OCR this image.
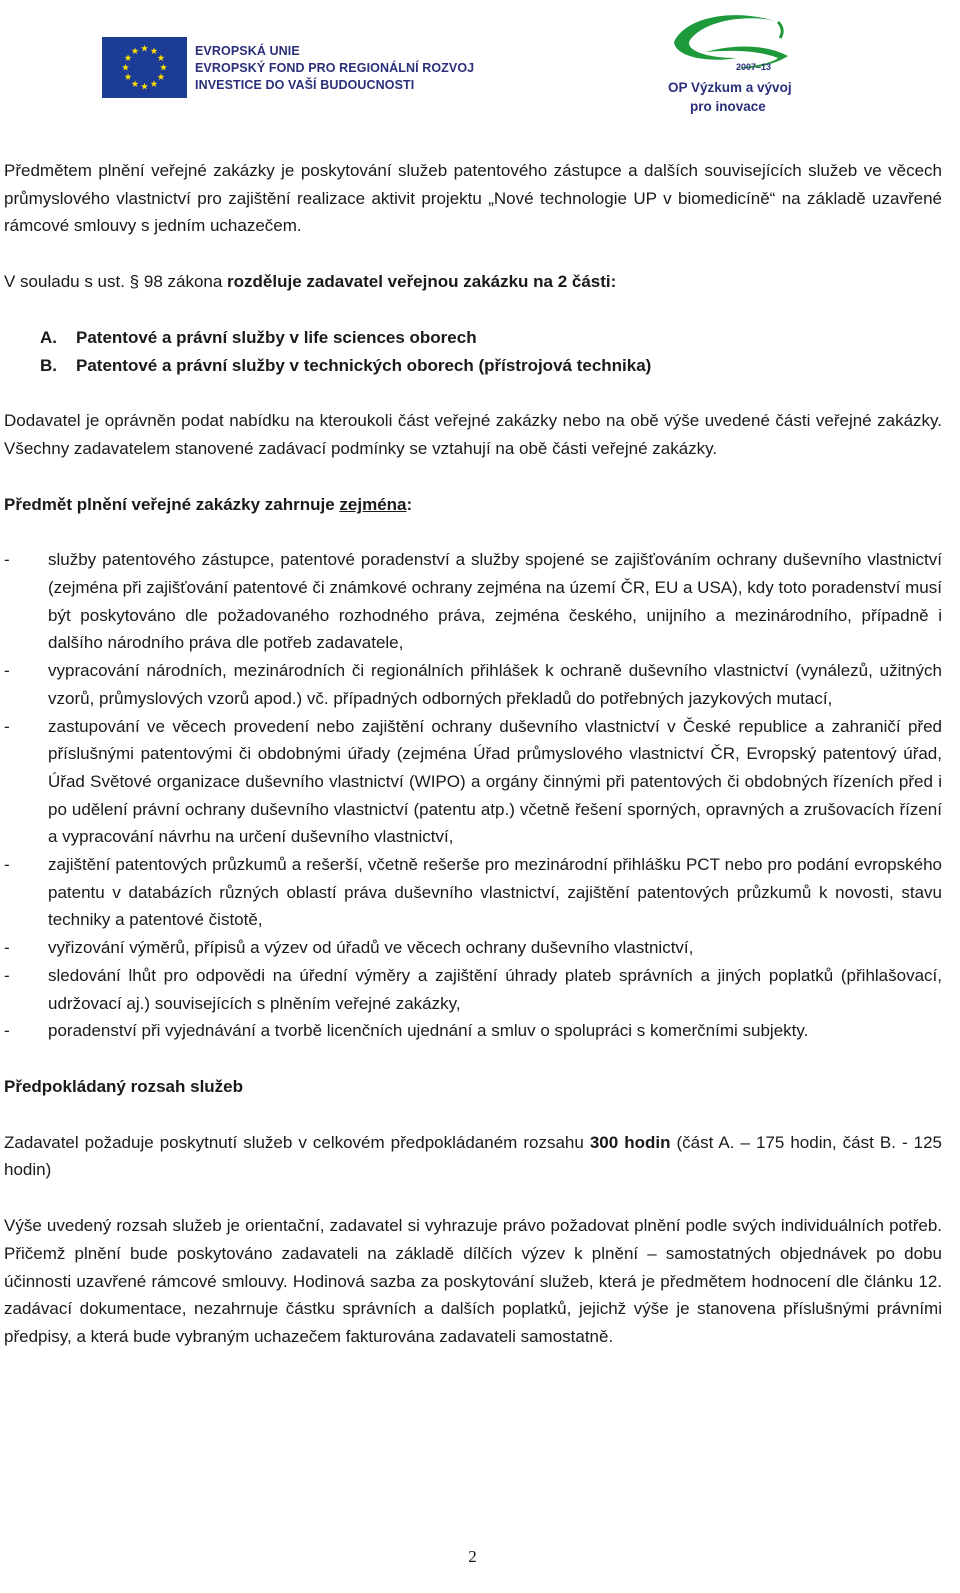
EVROPSKÁ UNIE
EVROPSKÝ FOND PRO REGIONÁLNÍ ROZVOJ
INVESTICE DO VAŠÍ BUDOUCNOSTI
2007–13
OP Výzkum a vývoj
pro inovace

Předmětem plnění veřejné zakázky je poskytování služeb patentového zástupce a dalších souvisejících služeb ve věcech průmyslového vlastnictví pro zajištění realizace aktivit projektu „Nové technologie UP v biomedicíně“ na základě uzavřené rámcové smlouvy s jedním uchazečem.

V souladu s ust. § 98 zákona rozděluje zadavatel veřejnou zakázku na 2 části:

A. Patentové a právní služby v life sciences oborech
B. Patentové a právní služby v technických oborech (přístrojová technika)

Dodavatel je oprávněn podat nabídku na kteroukoli část veřejné zakázky nebo na obě výše uvedené části veřejné zakázky. Všechny zadavatelem stanovené zadávací podmínky se vztahují na obě části veřejné zakázky.

Předmět plnění veřejné zakázky zahrnuje zejména:

- služby patentového zástupce, patentové poradenství a služby spojené se zajišťováním ochrany duševního vlastnictví (zejména při zajišťování patentové či známkové ochrany zejména na území ČR, EU a USA), kdy toto poradenství musí být poskytováno dle požadovaného rozhodného práva, zejména českého, unijního a mezinárodního, případně i dalšího národního práva dle potřeb zadavatele,
- vypracování národních, mezinárodních či regionálních přihlášek k ochraně duševního vlastnictví (vynálezů, užitných vzorů, průmyslových vzorů apod.) vč. případných odborných překladů do potřebných jazykových mutací,
- zastupování ve věcech provedení nebo zajištění ochrany duševního vlastnictví v České republice a zahraničí před příslušnými patentovými či obdobnými úřady (zejména Úřad průmyslového vlastnictví ČR, Evropský patentový úřad, Úřad Světové organizace duševního vlastnictví (WIPO) a orgány činnými při patentových či obdobných řízeních před i po udělení právní ochrany duševního vlastnictví (patentu atp.) včetně řešení sporných, opravných a zrušovacích řízení a vypracování návrhu na určení duševního vlastnictví,
- zajištění patentových průzkumů a rešerší, včetně rešerše pro mezinárodní přihlášku PCT nebo pro podání evropského patentu v databázích různých oblastí práva duševního vlastnictví, zajištění patentových průzkumů k novosti, stavu techniky a patentové čistotě,
- vyřizování výměrů, přípisů a výzev od úřadů ve věcech ochrany duševního vlastnictví,
- sledování lhůt pro odpovědi na úřední výměry a zajištění úhrady plateb správních a jiných poplatků (přihlašovací, udržovací aj.) souvisejících s plněním veřejné zakázky,
- poradenství při vyjednávání a tvorbě licenčních ujednání a smluv o spolupráci s komerčními subjekty.

Předpokládaný rozsah služeb

Zadavatel požaduje poskytnutí služeb v celkovém předpokládaném rozsahu 300 hodin (část A. – 175 hodin, část B. - 125 hodin)

Výše uvedený rozsah služeb je orientační, zadavatel si vyhrazuje právo požadovat plnění podle svých individuálních potřeb. Přičemž plnění bude poskytováno zadavateli na základě dílčích výzev k plnění – samostatných objednávek po dobu účinnosti uzavřené rámcové smlouvy. Hodinová sazba za poskytování služeb, která je předmětem hodnocení dle článku 12. zadávací dokumentace, nezahrnuje částku správních a dalších poplatků, jejichž výše je stanovena příslušnými právními předpisy, a která bude vybraným uchazečem fakturována zadavateli samostatně.

2
